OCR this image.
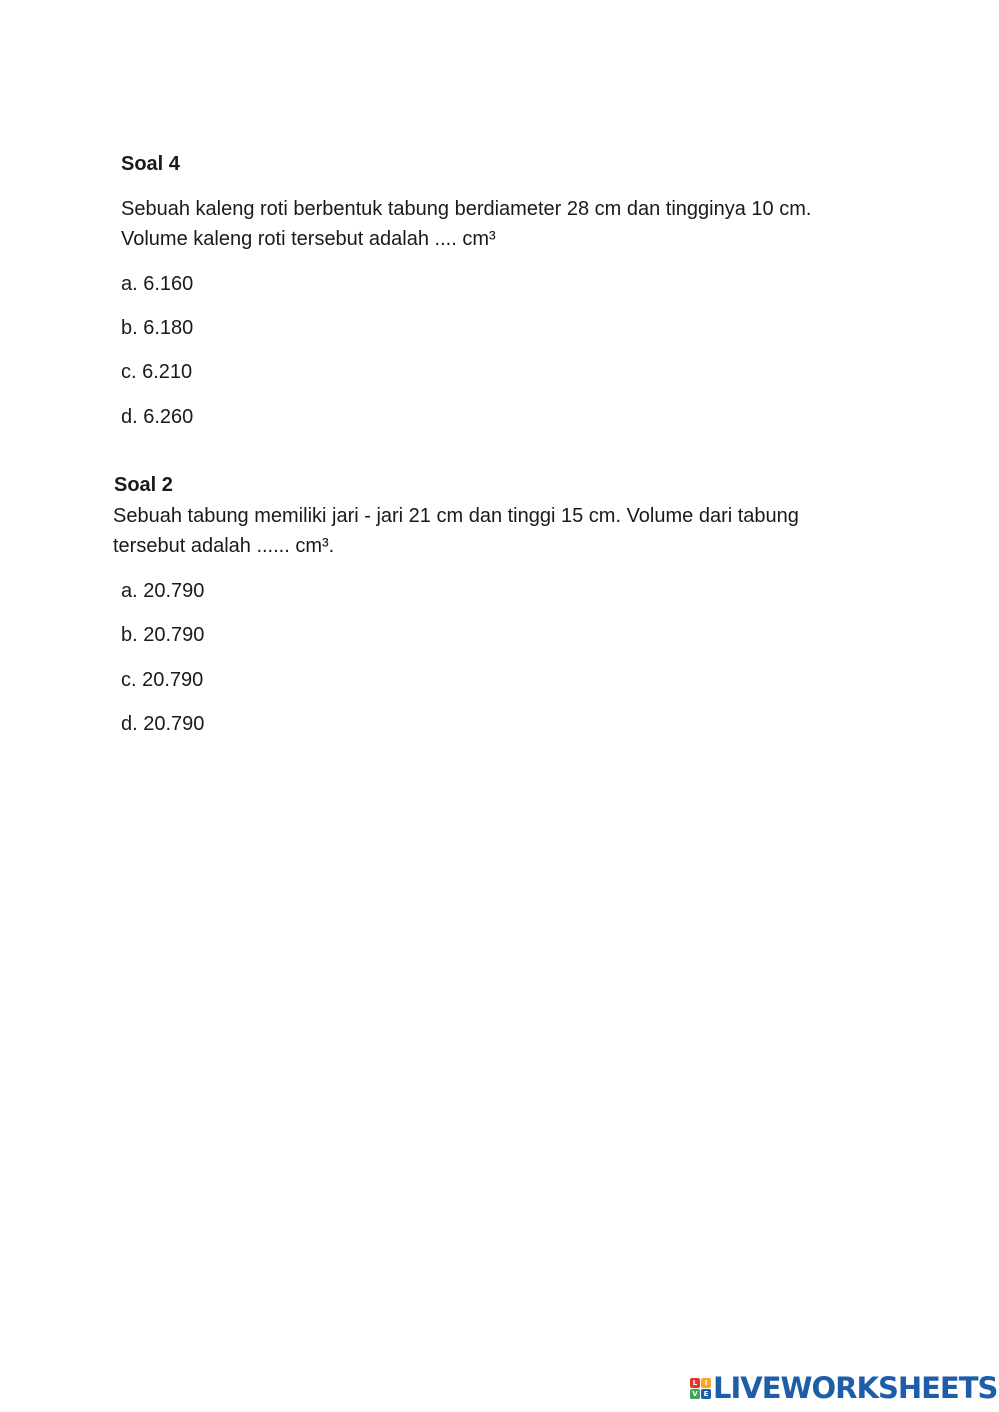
Soal 4

Sebuah kaleng roti berbentuk tabung berdiameter 28 cm dan tingginya 10 cm.

Volume kaleng roti tersebut adalah .... cm³

a. 6.160

b. 6.180

c. 6.210

d. 6.260

Soal 2

Sebuah tabung memiliki jari - jari 21 cm dan tinggi 15 cm. Volume dari tabung

tersebut adalah ...... cm³.

a. 20.790

b. 20.790

c. 20.790

d. 20.790

L	I
V E LIVEWORKSHEETS
